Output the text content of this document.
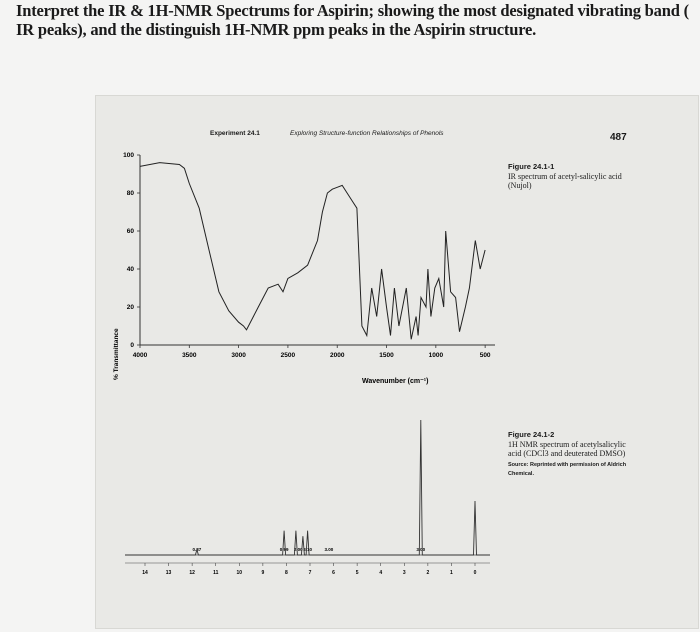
Interpret the IR & 1H-NMR Spectrums for Aspirin; showing the most designated vibrating band ( IR peaks), and the distinguish 1H-NMR ppm peaks in the Aspirin structure.
Experiment 24.1	Exploring Structure-function Relationships of Phenols	487
4000	3500	3000	2500	2000	1500	1000	500
0
20
40
60
80
100
% Transmittance
Wavenumber (cm⁻¹)
Figure 24.1-1
IR spectrum of acetyl-salicylic acid (Nujol)
14	13	12	11	10	9	8	7	6	5	4	3	2	1	0
0.87	0.99 2.00 3.10	3.00	3.00
Figure 24.1-2
1H NMR spectrum of acetylsalicylic acid (CDCl3 and deuterated DMSO)
Source: Reprinted with permission of Aldrich Chemical.
